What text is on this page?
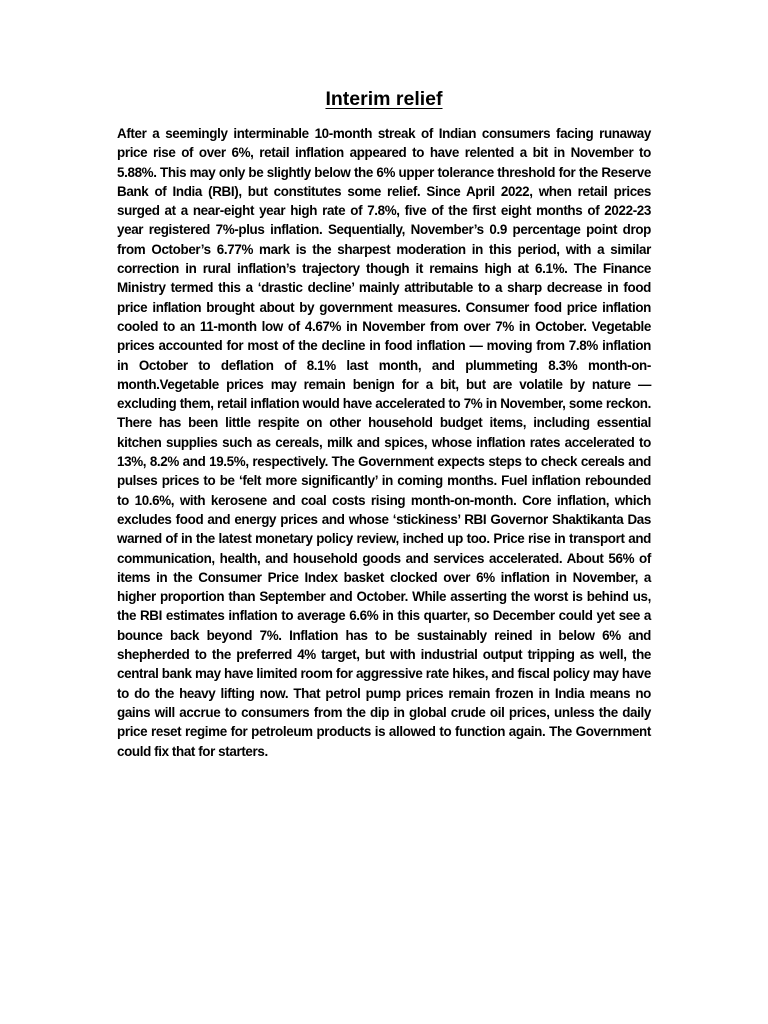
Interim relief

After a seemingly interminable 10-month streak of Indian consumers facing runaway price rise of over 6%, retail inflation appeared to have relented a bit in November to 5.88%. This may only be slightly below the 6% upper tolerance threshold for the Reserve Bank of India (RBI), but constitutes some relief. Since April 2022, when retail prices surged at a near-eight year high rate of 7.8%, five of the first eight months of 2022-23 year registered 7%-plus inflation. Sequentially, November’s 0.9 percentage point drop from October’s 6.77% mark is the sharpest moderation in this period, with a similar correction in rural inflation’s trajectory though it remains high at 6.1%. The Finance Ministry termed this a ‘drastic decline’ mainly attributable to a sharp decrease in food price inflation brought about by government measures. Consumer food price inflation cooled to an 11-month low of 4.67% in November from over 7% in October. Vegetable prices accounted for most of the decline in food inflation — moving from 7.8% inflation in October to deflation of 8.1% last month, and plummeting 8.3% month-on-month.Vegetable prices may remain benign for a bit, but are volatile by nature — excluding them, retail inflation would have accelerated to 7% in November, some reckon. There has been little respite on other household budget items, including essential kitchen supplies such as cereals, milk and spices, whose inflation rates accelerated to 13%, 8.2% and 19.5%, respectively. The Government expects steps to check cereals and pulses prices to be ‘felt more significantly’ in coming months. Fuel inflation rebounded to 10.6%, with kerosene and coal costs rising month-on-month. Core inflation, which excludes food and energy prices and whose ‘stickiness’ RBI Governor Shaktikanta Das warned of in the latest monetary policy review, inched up too. Price rise in transport and communication, health, and household goods and services accelerated. About 56% of items in the Consumer Price Index basket clocked over 6% inflation in November, a higher proportion than September and October. While asserting the worst is behind us, the RBI estimates inflation to average 6.6% in this quarter, so December could yet see a bounce back beyond 7%. Inflation has to be sustainably reined in below 6% and shepherded to the preferred 4% target, but with industrial output tripping as well, the central bank may have limited room for aggressive rate hikes, and fiscal policy may have to do the heavy lifting now. That petrol pump prices remain frozen in India means no gains will accrue to consumers from the dip in global crude oil prices, unless the daily price reset regime for petroleum products is allowed to function again. The Government could fix that for starters.
